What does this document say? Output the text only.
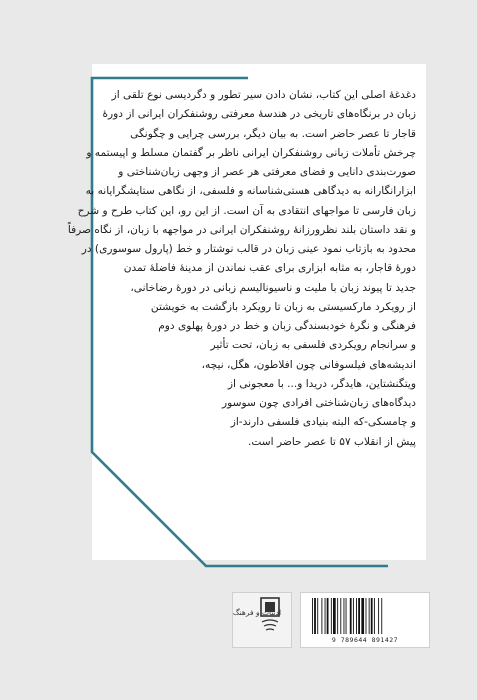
دغدغهٔ اصلی این کتاب، نشان دادن سیر تطور و دگردیسی نوع تلقی از
زبان در برنگاه‌های تاریخی در هندسهٔ معرفتی روشنفکران ایرانی از دورهٔ
قاجار تا عصر حاضر است. به بیان دیگر، بررسی چرایی و چگونگی
چرخش تأملات زبانی روشنفکران ایرانی ناظر بر گفتمان مسلط و اپیستمه و
صورت‌بندی دانایی و فضای معرفتی هر عصر از وجهی زبان‌شناختی و
ابزارانگارانه به دیدگاهی هستی‌شناسانه و فلسفی، از نگاهی ستایشگرایانه به
زبان فارسی تا مواجهای انتقادی به آن است. از این رو، این کتاب طرح و شرح
و نقد داستان بلند نظرورزانهٔ روشنفکران ایرانی در مواجهه با زبان، از نگاه صرفاً
محدود به بازتاب نمود عینی زبان در قالب نوشتار و خط (پارول سوسوری) در
دورهٔ قاجار، به مثابه ابزاری برای عقب نماندن از مدینهٔ فاضلهٔ تمدن
جدید تا پیوند زبان با ملیت و ناسیونالیسم زبانی در دورهٔ رضاخانی،
از رویکرد مارکسیستی به زبان تا رویکرد بازگشت به خویشتن
فرهنگی و نگرهٔ خودبسندگی زبان و خط در دورهٔ پهلوی دوم
و سرانجام رویکردی فلسفی به زبان، تحت تأثیر
اندیشه‌های فیلسوفانی چون افلاطون، هگل، نیچه،
ویتگنشتاین، هایدگر، دریدا و... با معجونی از
دیدگاه‌های زبان‌شناختی افرادی چون سوسور
و چامسکی-که البته بنیادی فلسفی دارند-از
پیش از انقلاب ۵۷ تا عصر حاضر است.
ادبیات و فرهنگ
9 789644 891427
